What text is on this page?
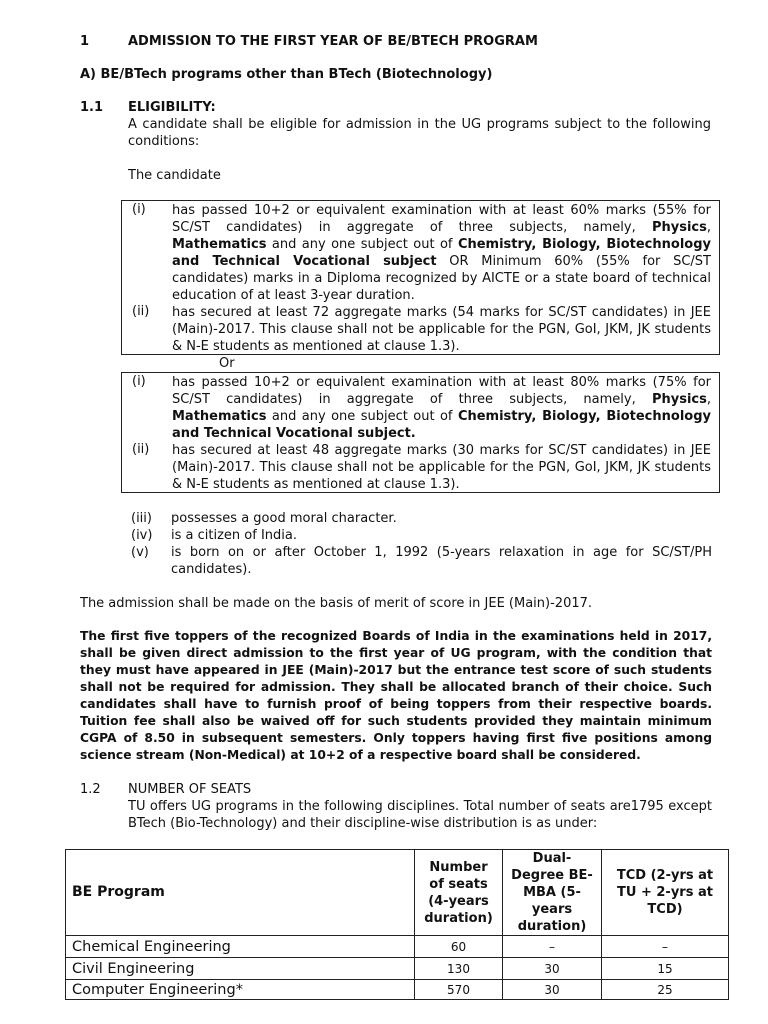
1	ADMISSION TO THE FIRST YEAR OF BE/BTECH PROGRAM
A) BE/BTech programs other than BTech (Biotechnology)
1.1 ELIGIBILITY:
A candidate shall be eligible for admission in the UG programs subject to the following conditions:
The candidate
(i) has passed 10+2 or equivalent examination with at least 60% marks (55% for SC/ST candidates) in aggregate of three subjects, namely, Physics, Mathematics and any one subject out of Chemistry, Biology, Biotechnology and Technical Vocational subject OR Minimum 60% (55% for SC/ST candidates) marks in a Diploma recognized by AICTE or a state board of technical education of at least 3-year duration.
(ii) has secured at least 72 aggregate marks (54 marks for SC/ST candidates) in JEE (Main)-2017. This clause shall not be applicable for the PGN, GoI, JKM, JK students & N-E students as mentioned at clause 1.3).
Or
(i) has passed 10+2 or equivalent examination with at least 80% marks (75% for SC/ST candidates) in aggregate of three subjects, namely, Physics, Mathematics and any one subject out of Chemistry, Biology, Biotechnology and Technical Vocational subject.
(ii) has secured at least 48 aggregate marks (30 marks for SC/ST candidates) in JEE (Main)-2017. This clause shall not be applicable for the PGN, GoI, JKM, JK students & N-E students as mentioned at clause 1.3).
(iii) possesses a good moral character.
(iv) is a citizen of India.
(v) is born on or after October 1, 1992 (5-years relaxation in age for SC/ST/PH candidates).
The admission shall be made on the basis of merit of score in JEE (Main)-2017.
The first five toppers of the recognized Boards of India in the examinations held in 2017, shall be given direct admission to the first year of UG program, with the condition that they must have appeared in JEE (Main)-2017 but the entrance test score of such students shall not be required for admission. They shall be allocated branch of their choice. Such candidates shall have to furnish proof of being toppers from their respective boards. Tuition fee shall also be waived off for such students provided they maintain minimum CGPA of 8.50 in subsequent semesters. Only toppers having first five positions among science stream (Non-Medical) at 10+2 of a respective board shall be considered.
1.2 NUMBER OF SEATS
TU offers UG programs in the following disciplines. Total number of seats are1795 except BTech (Bio-Technology) and their discipline-wise distribution is as under:
BE Program	Number of seats (4-years duration)	Dual-Degree BE-MBA (5-years duration)	TCD (2-yrs at TU + 2-yrs at TCD)
Chemical Engineering	60	–	–
Civil Engineering	130	30	15
Computer Engineering*	570	30	25
